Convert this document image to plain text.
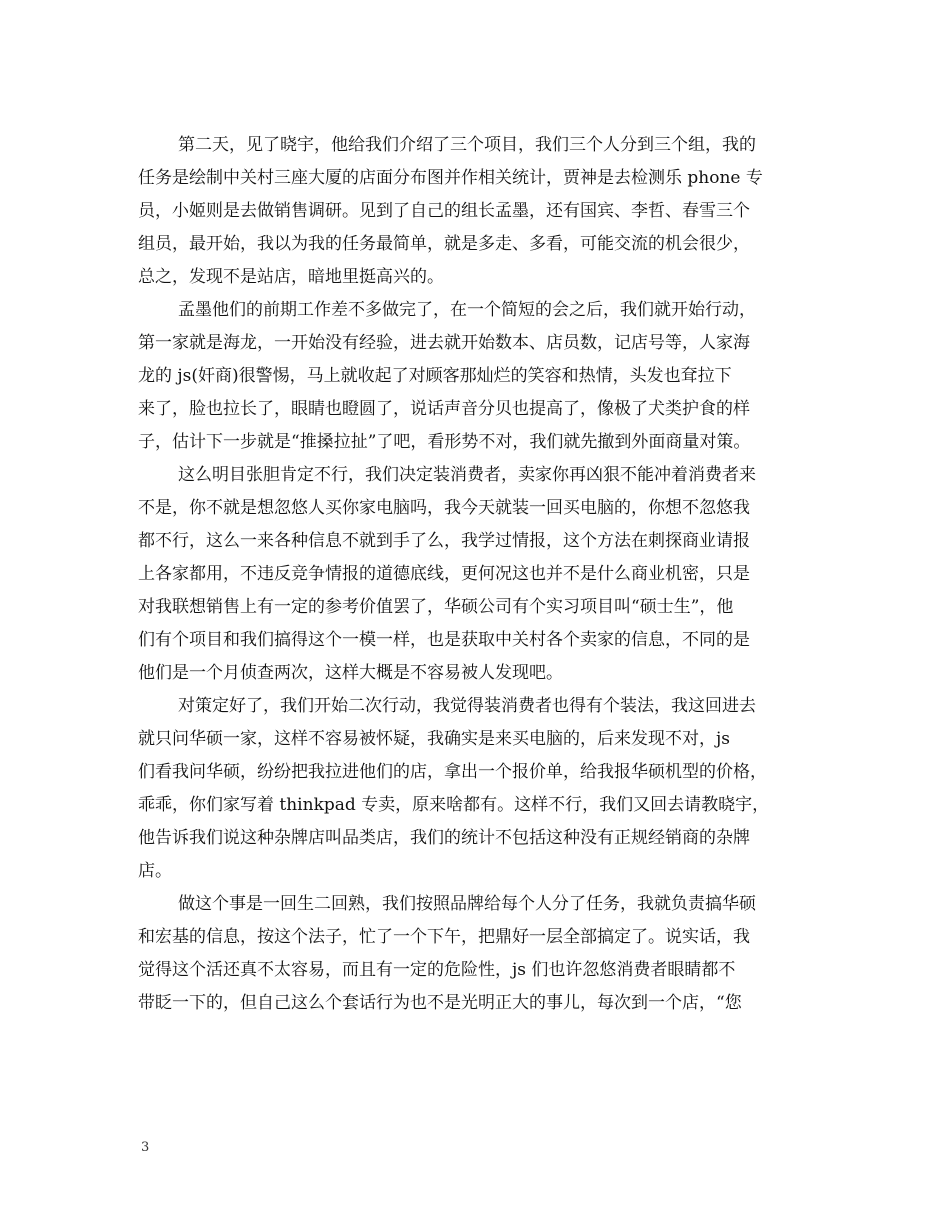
第二天，见了晓宇，他给我们介绍了三个项目，我们三个人分到三个组，我的
任务是绘制中关村三座大厦的店面分布图并作相关统计，贾神是去检测乐 phone 专
员，小姬则是去做销售调研。见到了自己的组长孟墨，还有国宾、李哲、春雪三个
组员，最开始，我以为我的任务最简单，就是多走、多看，可能交流的机会很少，
总之，发现不是站店，暗地里挺高兴的。
孟墨他们的前期工作差不多做完了，在一个简短的会之后，我们就开始行动，
第一家就是海龙，一开始没有经验，进去就开始数本、店员数，记店号等，人家海
龙的 js(奸商)很警惕，马上就收起了对顾客那灿烂的笑容和热情，头发也耷拉下
来了，脸也拉长了，眼睛也瞪圆了，说话声音分贝也提高了，像极了犬类护食的样
子，估计下一步就是“推搡拉扯”了吧，看形势不对，我们就先撤到外面商量对策。
这么明目张胆肯定不行，我们决定装消费者，卖家你再凶狠不能冲着消费者来
不是，你不就是想忽悠人买你家电脑吗，我今天就装一回买电脑的，你想不忽悠我
都不行，这么一来各种信息不就到手了么，我学过情报，这个方法在刺探商业请报
上各家都用，不违反竞争情报的道德底线，更何况这也并不是什么商业机密，只是
对我联想销售上有一定的参考价值罢了，华硕公司有个实习项目叫“硕士生”，他
们有个项目和我们搞得这个一模一样，也是获取中关村各个卖家的信息，不同的是
他们是一个月侦查两次，这样大概是不容易被人发现吧。
对策定好了，我们开始二次行动，我觉得装消费者也得有个装法，我这回进去
就只问华硕一家，这样不容易被怀疑，我确实是来买电脑的，后来发现不对，js
们看我问华硕，纷纷把我拉进他们的店，拿出一个报价单，给我报华硕机型的价格，
乖乖，你们家写着 thinkpad 专卖，原来啥都有。这样不行，我们又回去请教晓宇，
他告诉我们说这种杂牌店叫品类店，我们的统计不包括这种没有正规经销商的杂牌
店。
做这个事是一回生二回熟，我们按照品牌给每个人分了任务，我就负责搞华硕
和宏基的信息，按这个法子，忙了一个下午，把鼎好一层全部搞定了。说实话，我
觉得这个活还真不太容易，而且有一定的危险性，js 们也许忽悠消费者眼睛都不
带眨一下的，但自己这么个套话行为也不是光明正大的事儿，每次到一个店，“您
3
